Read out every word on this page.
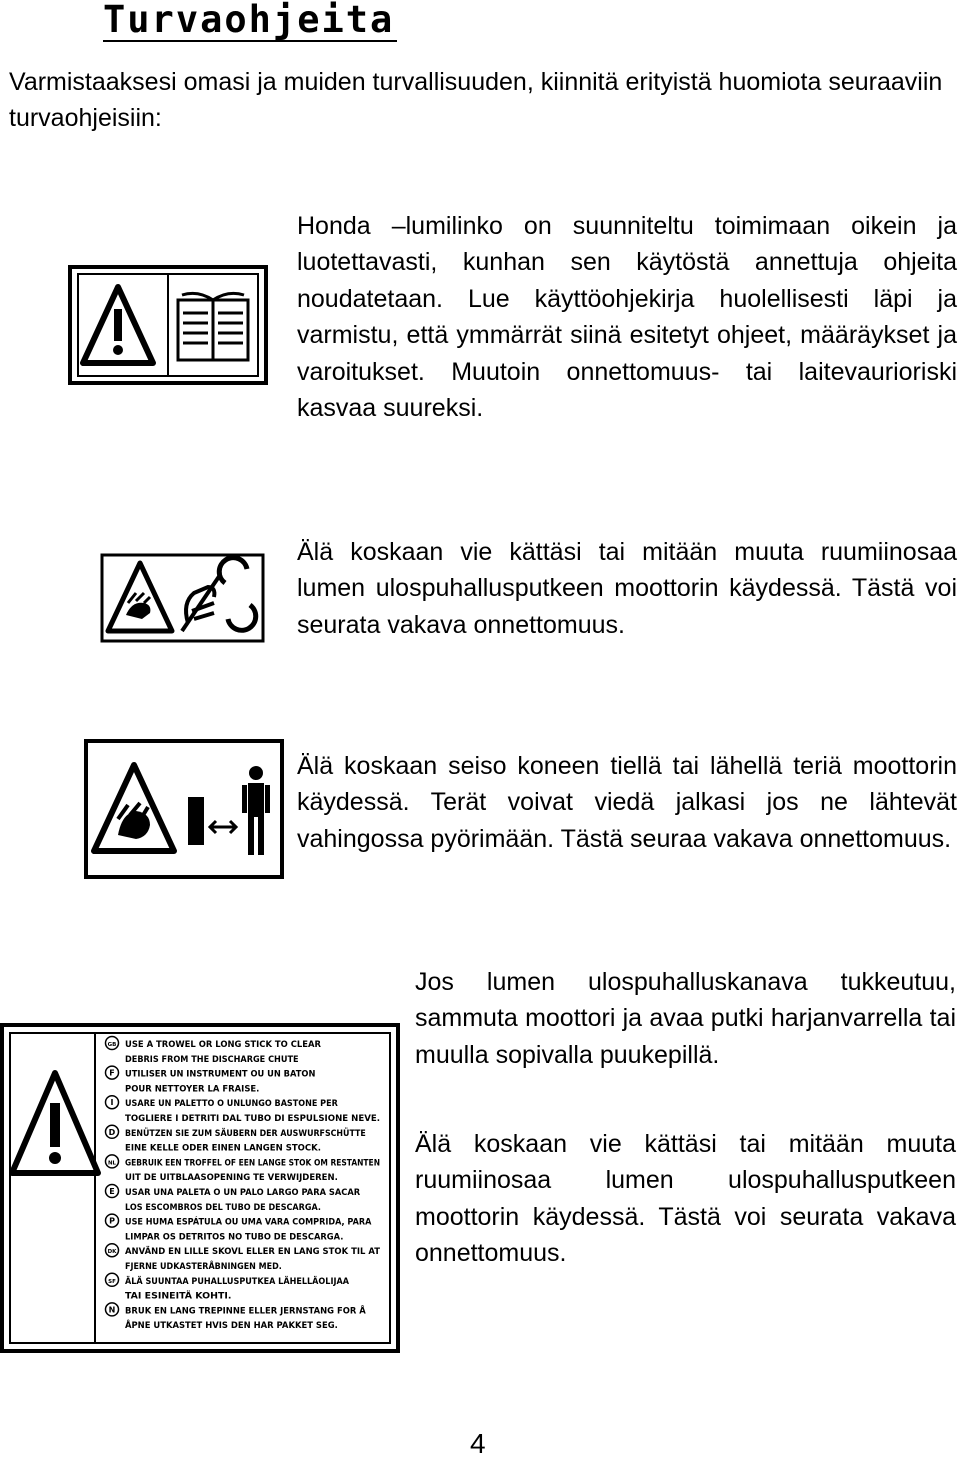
Turvaohjeita
Varmistaaksesi omasi ja muiden turvallisuuden, kiinnitä erityistä huomiota seuraaviin turvaohjeisiin:
GB
F
I
D
NL
E
P
DK
SF
N
USE A TROWEL OR LONG STICK TO CLEAR
DEBRIS FROM THE DISCHARGE CHUTE
UTILISER UN INSTRUMENT OU UN BATON
POUR NETTOYER LA FRAISE.
USARE UN PALETTO O UNLUNGO BASTONE PER
TOGLIERE I DETRITI DAL TUBO DI ESPULSIONE NEVE.
BENÜTZEN SIE ZUM SÄUBERN DER AUSWURFSCHÜTTE
EINE KELLE ODER EINEN LANGEN STOCK.
GEBRUIK EEN TROFFEL OF EEN LANGE STOK OM RESTANTEN
UIT DE UITBLAASOPENING TE VERWIJDEREN.
USAR UNA PALETA O UN PALO LARGO PARA SACAR
LOS ESCOMBROS DEL TUBO DE DESCARGA.
USE HUMA ESPÁTULA OU UMA VARA COMPRIDA, PARA
LIMPAR OS DETRITOS NO TUBO DE DESCARGA.
ANVÄND EN LILLE SKOVL ELLER EN LANG STOK TIL AT
FJERNE UDKASTERÅBNINGEN MED.
ÄLÄ SUUNTAA PUHALLUSPUTKEA LÄHELLÄOLIJAA
TAI ESINEITÄ KOHTI.
BRUK EN LANG TREPINNE ELLER JERNSTANG FOR Å
ÅPNE UTKASTET HVIS DEN HAR PAKKET SEG.
Honda –lumilinko on suunniteltu toimimaan oikein ja luotettavasti, kunhan sen käytöstä annettuja ohjeita noudatetaan. Lue käyttöohjekirja huolellisesti läpi ja varmistu, että ymmärrät siinä esitetyt ohjeet, määräykset ja varoitukset. Muutoin onnettomuus- tai laitevaurioriski kasvaa suureksi.
Älä koskaan vie kättäsi tai mitään muuta ruumiinosaa lumen ulospuhallusputkeen moottorin käydessä. Tästä voi seurata vakava onnettomuus.
Älä koskaan seiso koneen tiellä tai lähellä teriä moottorin käydessä. Terät voivat viedä jalkasi jos ne lähtevät vahingossa pyörimään. Tästä seuraa vakava onnettomuus.
Jos lumen ulospuhalluskanava tukkeutuu, sammuta moottori ja avaa putki harjanvarrella tai muulla sopivalla puukepillä.
Älä koskaan vie kättäsi tai mitään muuta ruumiinosaa lumen ulospuhallusputkeen moottorin käydessä. Tästä voi seurata vakava onnettomuus.
4
